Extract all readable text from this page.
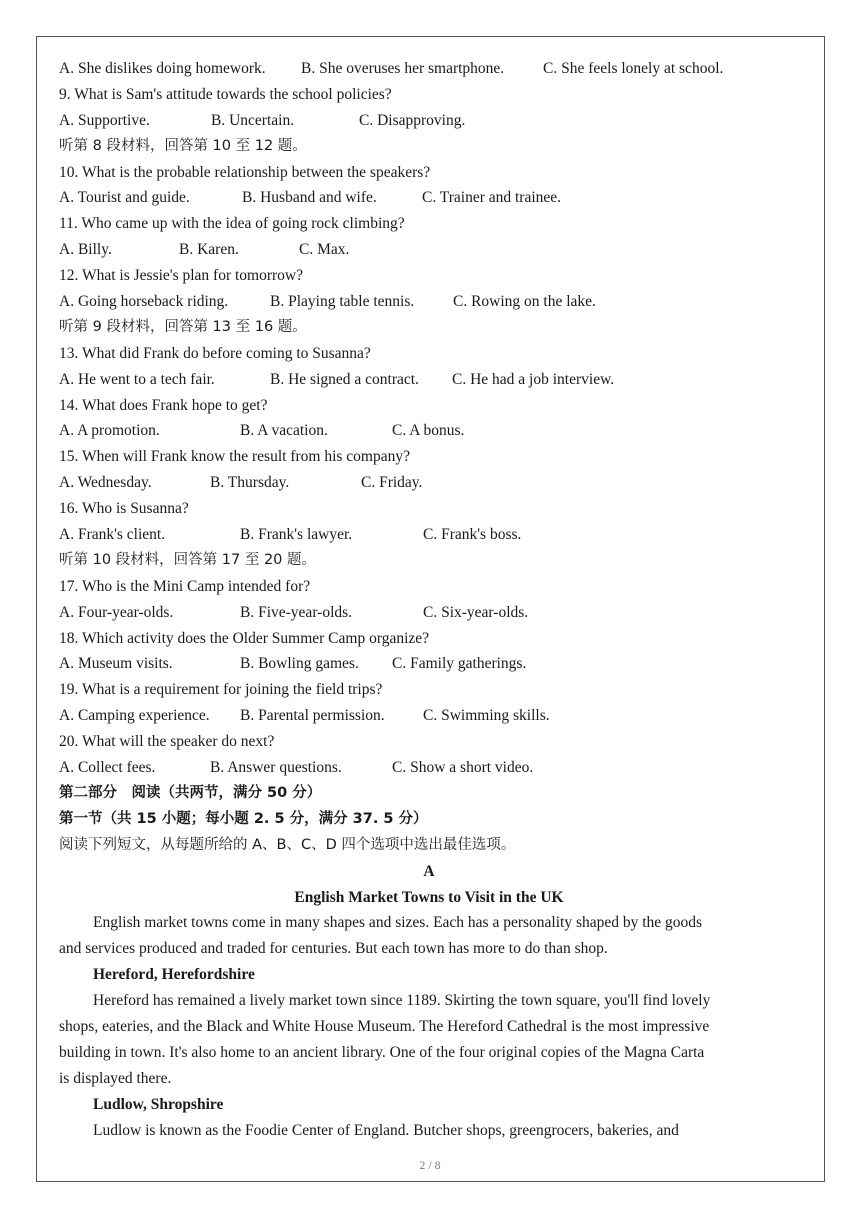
A. She dislikes doing homework.	B. She overuses her smartphone.	C. She feels lonely at school.
9. What is Sam's attitude towards the school policies?
A. Supportive.	B. Uncertain.	C. Disapproving.
听第 8 段材料，回答第 10 至 12 题。
10. What is the probable relationship between the speakers?
A. Tourist and guide.	B. Husband and wife.	C. Trainer and trainee.
11. Who came up with the idea of going rock climbing?
A. Billy.	B. Karen.	C. Max.
12. What is Jessie's plan for tomorrow?
A. Going horseback riding.	B. Playing table tennis.	C. Rowing on the lake.
听第 9 段材料，回答第 13 至 16 题。
13. What did Frank do before coming to Susanna?
A. He went to a tech fair.	B. He signed a contract.	C. He had a job interview.
14. What does Frank hope to get?
A. A promotion.	B. A vacation.	C. A bonus.
15. When will Frank know the result from his company?
A. Wednesday.	B. Thursday.	C. Friday.
16. Who is Susanna?
A. Frank's client.	B. Frank's lawyer.	C. Frank's boss.
听第 10 段材料，回答第 17 至 20 题。
17. Who is the Mini Camp intended for?
A. Four-year-olds.	B. Five-year-olds.	C. Six-year-olds.
18. Which activity does the Older Summer Camp organize?
A. Museum visits.	B. Bowling games.	C. Family gatherings.
19. What is a requirement for joining the field trips?
A. Camping experience.	B. Parental permission.	C. Swimming skills.
20. What will the speaker do next?
A. Collect fees.	B. Answer questions.	C. Show a short video.
第二部分　阅读（共两节，满分 50 分）
第一节（共 15 小题；每小题 2. 5 分，满分 37. 5 分）
阅读下列短文，从每题所给的 A、B、C、D 四个选项中选出最佳选项。
A
English Market Towns to Visit in the UK
English market towns come in many shapes and sizes. Each has a personality shaped by the goods
and services produced and traded for centuries. But each town has more to do than shop.
Hereford, Herefordshire
Hereford has remained a lively market town since 1189. Skirting the town square, you'll find lovely
shops, eateries, and the Black and White House Museum. The Hereford Cathedral is the most impressive
building in town. It's also home to an ancient library. One of the four original copies of the Magna Carta
is displayed there.
Ludlow, Shropshire
Ludlow is known as the Foodie Center of England. Butcher shops, greengrocers, bakeries, and
2 / 8
